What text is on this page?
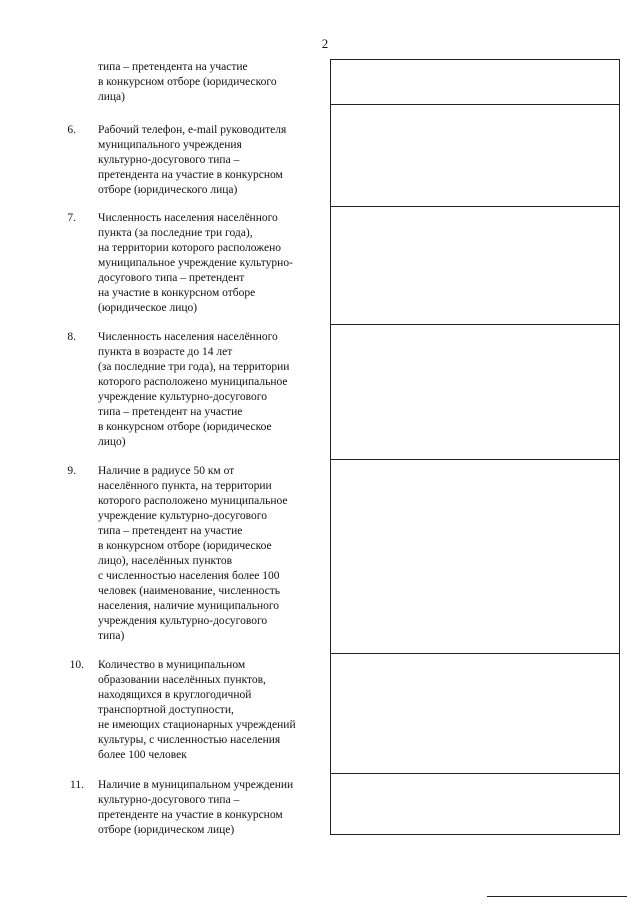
2
типа – претендента на участие
в конкурсном отборе (юридического
лица)
6. Рабочий телефон, e-mail руководителя
муниципального учреждения
культурно-досугового типа –
претендента на участие в конкурсном
отборе (юридического лица)
7. Численность населения населённого
пункта (за последние три года),
на территории которого расположено
муниципальное учреждение культурно-
досугового типа – претендент
на участие в конкурсном отборе
(юридическое лицо)
8. Численность населения населённого
пункта в возрасте до 14 лет
(за последние три года), на территории
которого расположено муниципальное
учреждение культурно-досугового
типа – претендент на участие
в конкурсном отборе (юридическое
лицо)
9. Наличие в радиусе 50 км от
населённого пункта, на территории
которого расположено муниципальное
учреждение культурно-досугового
типа – претендент на участие
в конкурсном отборе (юридическое
лицо), населённых пунктов
с численностью населения более 100
человек (наименование, численность
населения, наличие муниципального
учреждения культурно-досугового
типа)
10. Количество в муниципальном
образовании населённых пунктов,
находящихся в круглогодичной
транспортной доступности,
не имеющих стационарных учреждений
культуры, с численностью населения
более 100 человек
11. Наличие в муниципальном учреждении
культурно-досугового типа –
претенденте на участие в конкурсном
отборе (юридическом лице)
